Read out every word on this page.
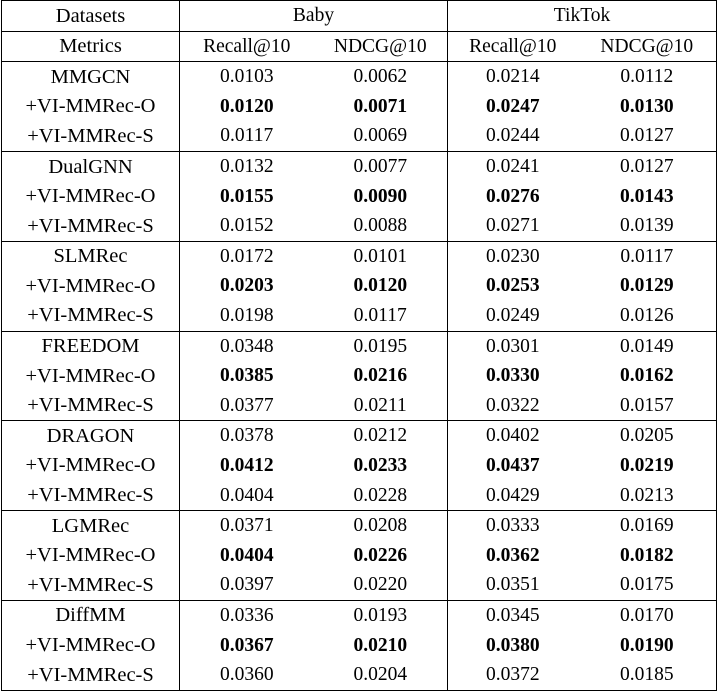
Datasets	Baby		TikTok	
Metrics	Recall@10	NDCG@10	Recall@10	NDCG@10
MMGCN	0.0103	0.0062	0.0214	0.0112
+VI-MMRec-O	0.0120	0.0071	0.0247	0.0130
+VI-MMRec-S	0.0117	0.0069	0.0244	0.0127
DualGNN	0.0132	0.0077	0.0241	0.0127
+VI-MMRec-O	0.0155	0.0090	0.0276	0.0143
+VI-MMRec-S	0.0152	0.0088	0.0271	0.0139
SLMRec	0.0172	0.0101	0.0230	0.0117
+VI-MMRec-O	0.0203	0.0120	0.0253	0.0129
+VI-MMRec-S	0.0198	0.0117	0.0249	0.0126
FREEDOM	0.0348	0.0195	0.0301	0.0149
+VI-MMRec-O	0.0385	0.0216	0.0330	0.0162
+VI-MMRec-S	0.0377	0.0211	0.0322	0.0157
DRAGON	0.0378	0.0212	0.0402	0.0205
+VI-MMRec-O	0.0412	0.0233	0.0437	0.0219
+VI-MMRec-S	0.0404	0.0228	0.0429	0.0213
LGMRec	0.0371	0.0208	0.0333	0.0169
+VI-MMRec-O	0.0404	0.0226	0.0362	0.0182
+VI-MMRec-S	0.0397	0.0220	0.0351	0.0175
DiffMM	0.0336	0.0193	0.0345	0.0170
+VI-MMRec-O	0.0367	0.0210	0.0380	0.0190
+VI-MMRec-S	0.0360	0.0204	0.0372	0.0185
